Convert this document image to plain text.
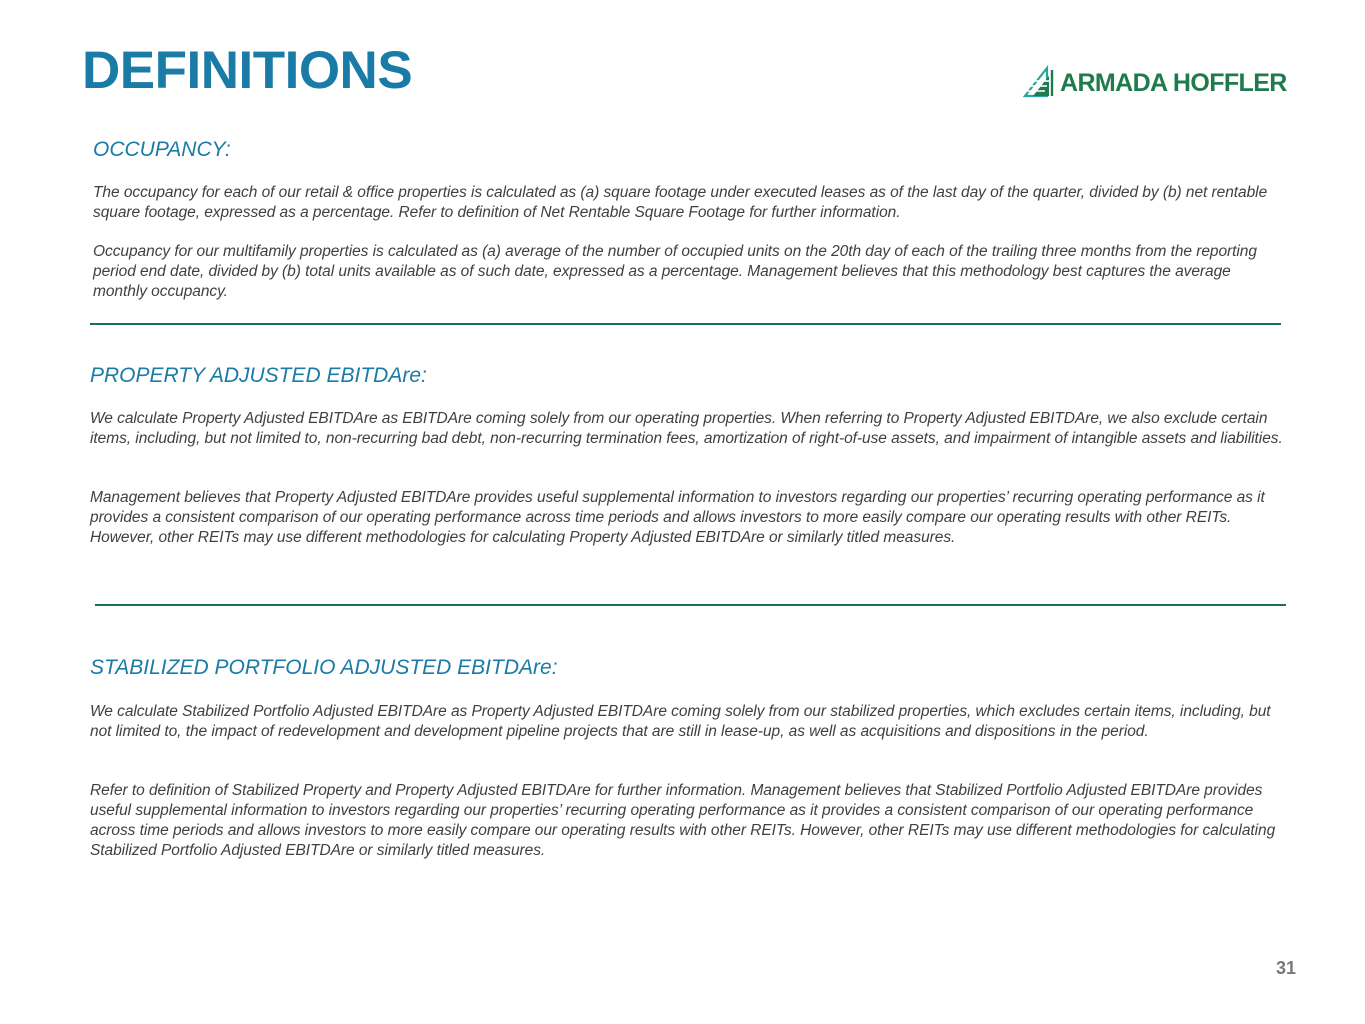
DEFINITIONS	ARMADA HOFFLER
OCCUPANCY:

The occupancy for each of our retail & office properties is calculated as (a) square footage under executed leases as of the last day of the quarter, divided by (b) net rentable square footage, expressed as a percentage. Refer to definition of Net Rentable Square Footage for further information.

Occupancy for our multifamily properties is calculated as (a) average of the number of occupied units on the 20th day of each of the trailing three months from the reporting period end date, divided by (b) total units available as of such date, expressed as a percentage. Management believes that this methodology best captures the average monthly occupancy.

PROPERTY ADJUSTED EBITDAre:

We calculate Property Adjusted EBITDAre as EBITDAre coming solely from our operating properties. When referring to Property Adjusted EBITDAre, we also exclude certain items, including, but not limited to, non-recurring bad debt, non-recurring termination fees, amortization of right-of-use assets, and impairment of intangible assets and liabilities.

Management believes that Property Adjusted EBITDAre provides useful supplemental information to investors regarding our properties’ recurring operating performance as it provides a consistent comparison of our operating performance across time periods and allows investors to more easily compare our operating results with other REITs. However, other REITs may use different methodologies for calculating Property Adjusted EBITDAre or similarly titled measures.

STABILIZED PORTFOLIO ADJUSTED EBITDAre:

We calculate Stabilized Portfolio Adjusted EBITDAre as Property Adjusted EBITDAre coming solely from our stabilized properties, which excludes certain items, including, but not limited to, the impact of redevelopment and development pipeline projects that are still in lease-up, as well as acquisitions and dispositions in the period.

Refer to definition of Stabilized Property and Property Adjusted EBITDAre for further information. Management believes that Stabilized Portfolio Adjusted EBITDAre provides useful supplemental information to investors regarding our properties’ recurring operating performance as it provides a consistent comparison of our operating performance across time periods and allows investors to more easily compare our operating results with other REITs. However, other REITs may use different methodologies for calculating Stabilized Portfolio Adjusted EBITDAre or similarly titled measures.

31
